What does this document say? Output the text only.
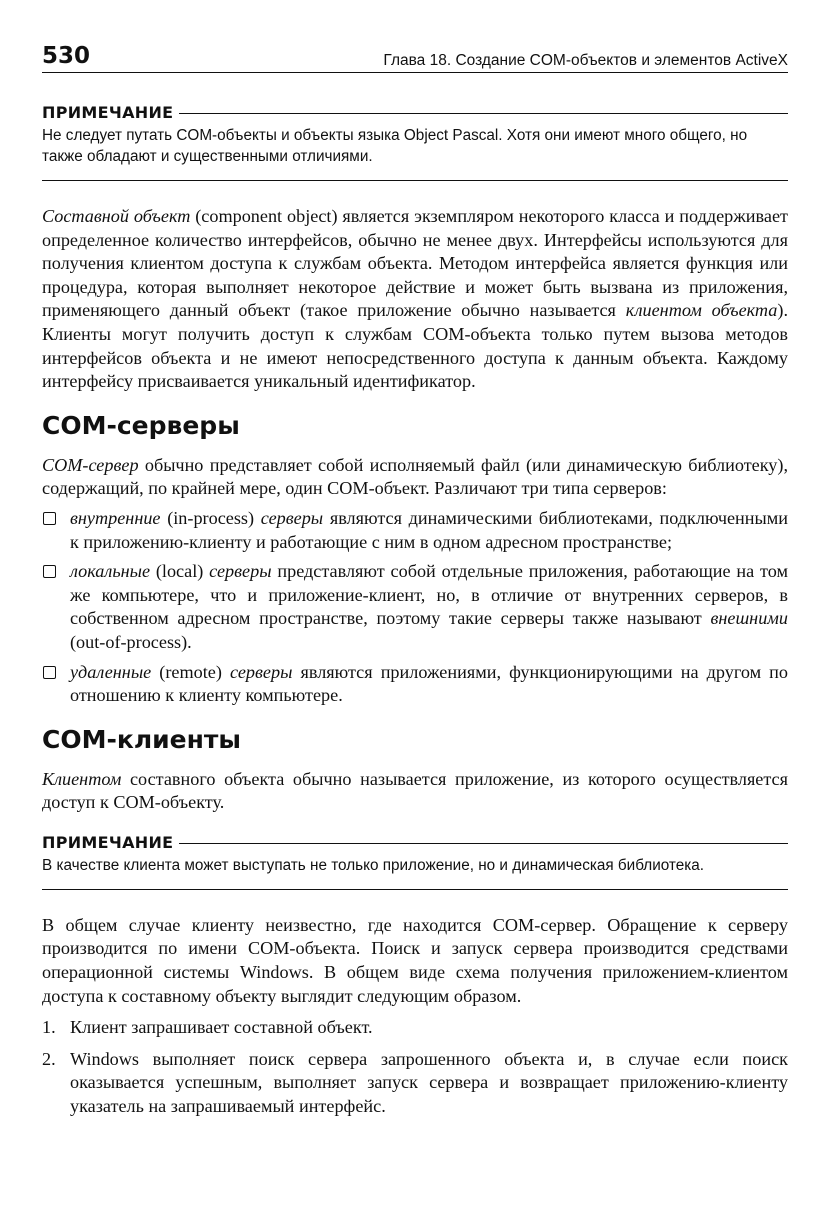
530	Глава 18. Создание COM-объектов и элементов ActiveX
ПРИМЕЧАНИЕ
Не следует путать COM-объекты и объекты языка Object Pascal. Хотя они имеют много общего, но также обладают и существенными отличиями.

Составной объект (component object) является экземпляром некоторого класса и поддерживает определенное количество интерфейсов, обычно не менее двух. Интерфейсы используются для получения клиентом доступа к службам объекта. Методом интерфейса является функция или процедура, которая выполняет некоторое действие и может быть вызвана из приложения, применяющего данный объект (такое приложение обычно называется клиентом объекта). Клиенты могут получить доступ к службам COM-объекта только путем вызова методов интерфейсов объекта и не имеют непосредственного доступа к данным объекта. Каждому интерфейсу присваивается уникальный идентификатор.

COM-серверы

COM-сервер обычно представляет собой исполняемый файл (или динамическую библиотеку), содержащий, по крайней мере, один COM-объект. Различают три типа серверов:

внутренние (in-process) серверы являются динамическими библиотеками, подключенными к приложению-клиенту и работающие с ним в одном адресном пространстве;
локальные (local) серверы представляют собой отдельные приложения, работающие на том же компьютере, что и приложение-клиент, но, в отличие от внутренних серверов, в собственном адресном пространстве, поэтому такие серверы также называют внешними (out-of-process).
удаленные (remote) серверы являются приложениями, функционирующими на другом по отношению к клиенту компьютере.
COM-клиенты

Клиентом составного объекта обычно называется приложение, из которого осуществляется доступ к COM-объекту.

ПРИМЕЧАНИЕ
В качестве клиента может выступать не только приложение, но и динамическая библиотека.

В общем случае клиенту неизвестно, где находится COM-сервер. Обращение к серверу производится по имени COM-объекта. Поиск и запуск сервера производится средствами операционной системы Windows. В общем виде схема получения приложением-клиентом доступа к составному объекту выглядит следующим образом.

1. Клиент запрашивает составной объект.
2. Windows выполняет поиск сервера запрошенного объекта и, в случае если поиск оказывается успешным, выполняет запуск сервера и возвращает приложению-клиенту указатель на запрашиваемый интерфейс.
